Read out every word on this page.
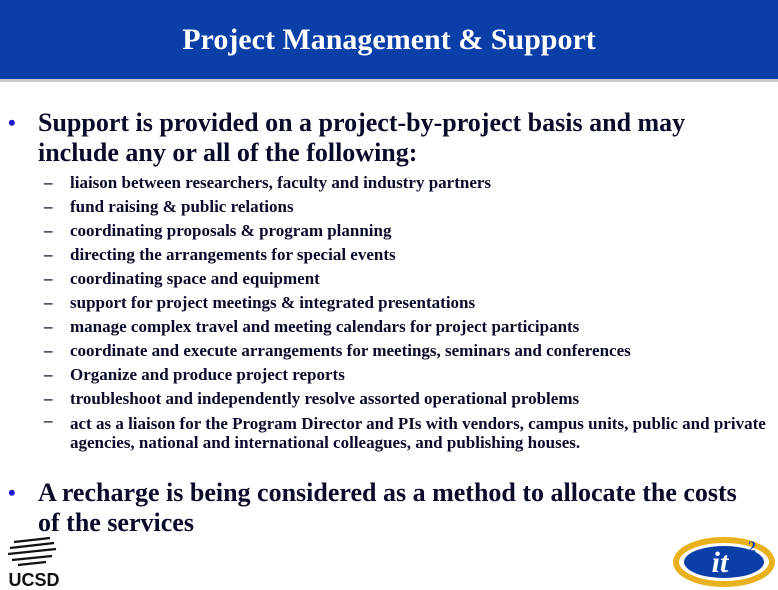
Project Management & Support
• Support is provided on a project-by-project basis and may include any or all of the following:
– liaison between researchers, faculty and industry partners
– fund raising & public relations
– coordinating proposals & program planning
– directing the arrangements for special events
– coordinating space and equipment
– support for project meetings & integrated presentations
– manage complex travel and meeting calendars for project participants
– coordinate and execute arrangements for meetings, seminars and conferences
– Organize and produce project reports
– troubleshoot and independently resolve assorted operational problems
– act as a liaison for the Program Director and PIs with vendors, campus units, public and private agencies, national and international colleagues, and publishing houses.
• A recharge is being considered as a method to allocate the costs of the services
UCSD
it 2
